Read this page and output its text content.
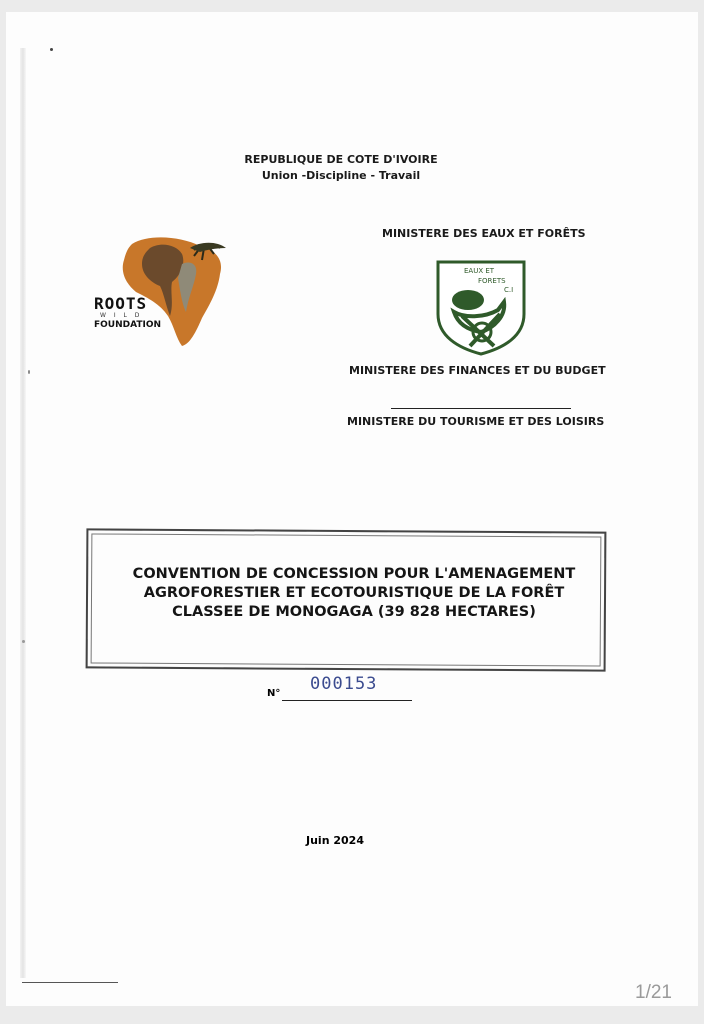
REPUBLIQUE DE COTE D'IVOIRE
Union -Discipline - Travail
ROOTS
W I L D
FOUNDATION
MINISTERE DES EAUX ET FORÊTS
EAUX ET
FORETS
C.I
MINISTERE DES FINANCES ET DU BUDGET
MINISTERE DU TOURISME ET DES LOISIRS
CONVENTION DE CONCESSION POUR L'AMENAGEMENT AGROFORESTIER ET ECOTOURISTIQUE DE LA FORÊT CLASSEE DE MONOGAGA (39 828 HECTARES)
N° 000153
Juin 2024
1/21
